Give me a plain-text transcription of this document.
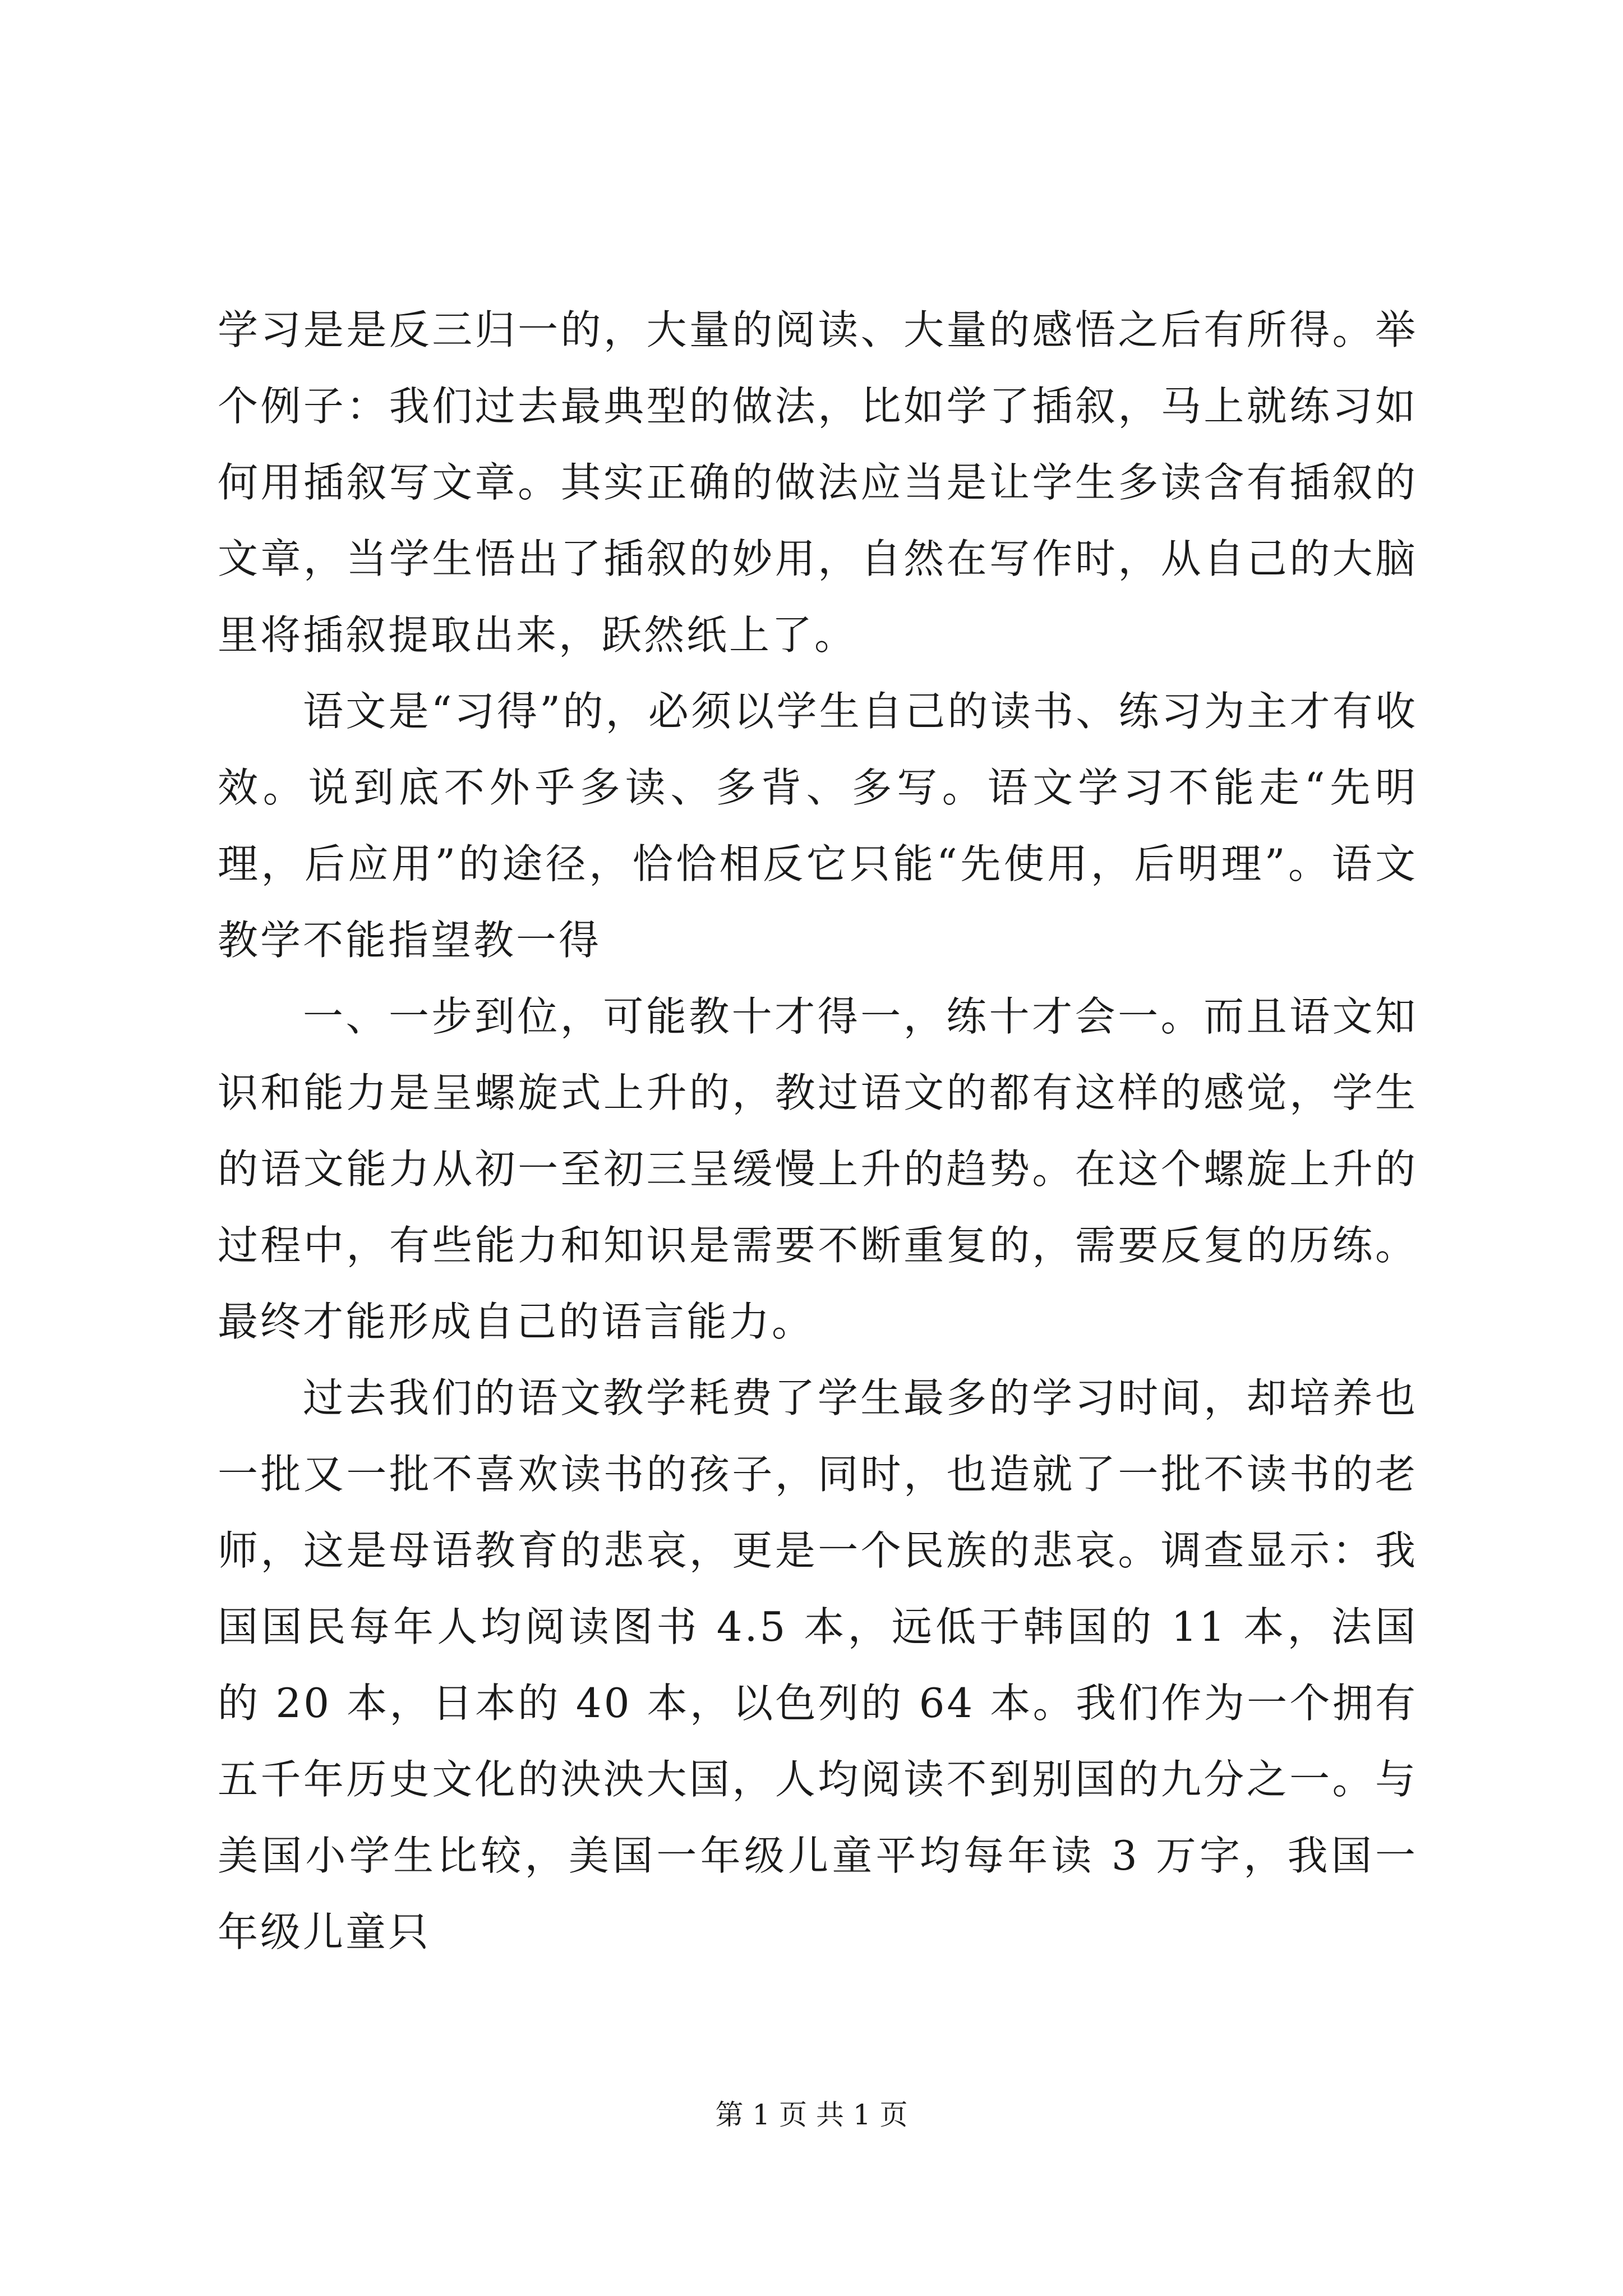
学习是是反三归一的，大量的阅读、大量的感悟之后有所得。举个例子：我们过去最典型的做法，比如学了插叙，马上就练习如何用插叙写文章。其实正确的做法应当是让学生多读含有插叙的文章，当学生悟出了插叙的妙用，自然在写作时，从自己的大脑里将插叙提取出来，跃然纸上了。

语文是“习得”的，必须以学生自己的读书、练习为主才有收效。说到底不外乎多读、多背、多写。语文学习不能走“先明理，后应用”的途径，恰恰相反它只能“先使用，后明理”。语文教学不能指望教一得

一、一步到位，可能教十才得一，练十才会一。而且语文知识和能力是呈螺旋式上升的，教过语文的都有这样的感觉，学生的语文能力从初一至初三呈缓慢上升的趋势。在这个螺旋上升的过程中，有些能力和知识是需要不断重复的，需要反复的历练。最终才能形成自己的语言能力。

过去我们的语文教学耗费了学生最多的学习时间，却培养也一批又一批不喜欢读书的孩子，同时，也造就了一批不读书的老师，这是母语教育的悲哀，更是一个民族的悲哀。调查显示：我国国民每年人均阅读图书 4.5 本，远低于韩国的 11 本，法国的 20 本，日本的 40 本，以色列的 64 本。我们作为一个拥有五千年历史文化的泱泱大国，人均阅读不到别国的九分之一。与美国小学生比较，美国一年级儿童平均每年读 3 万字，我国一年级儿童只

第 1 页 共 1 页
